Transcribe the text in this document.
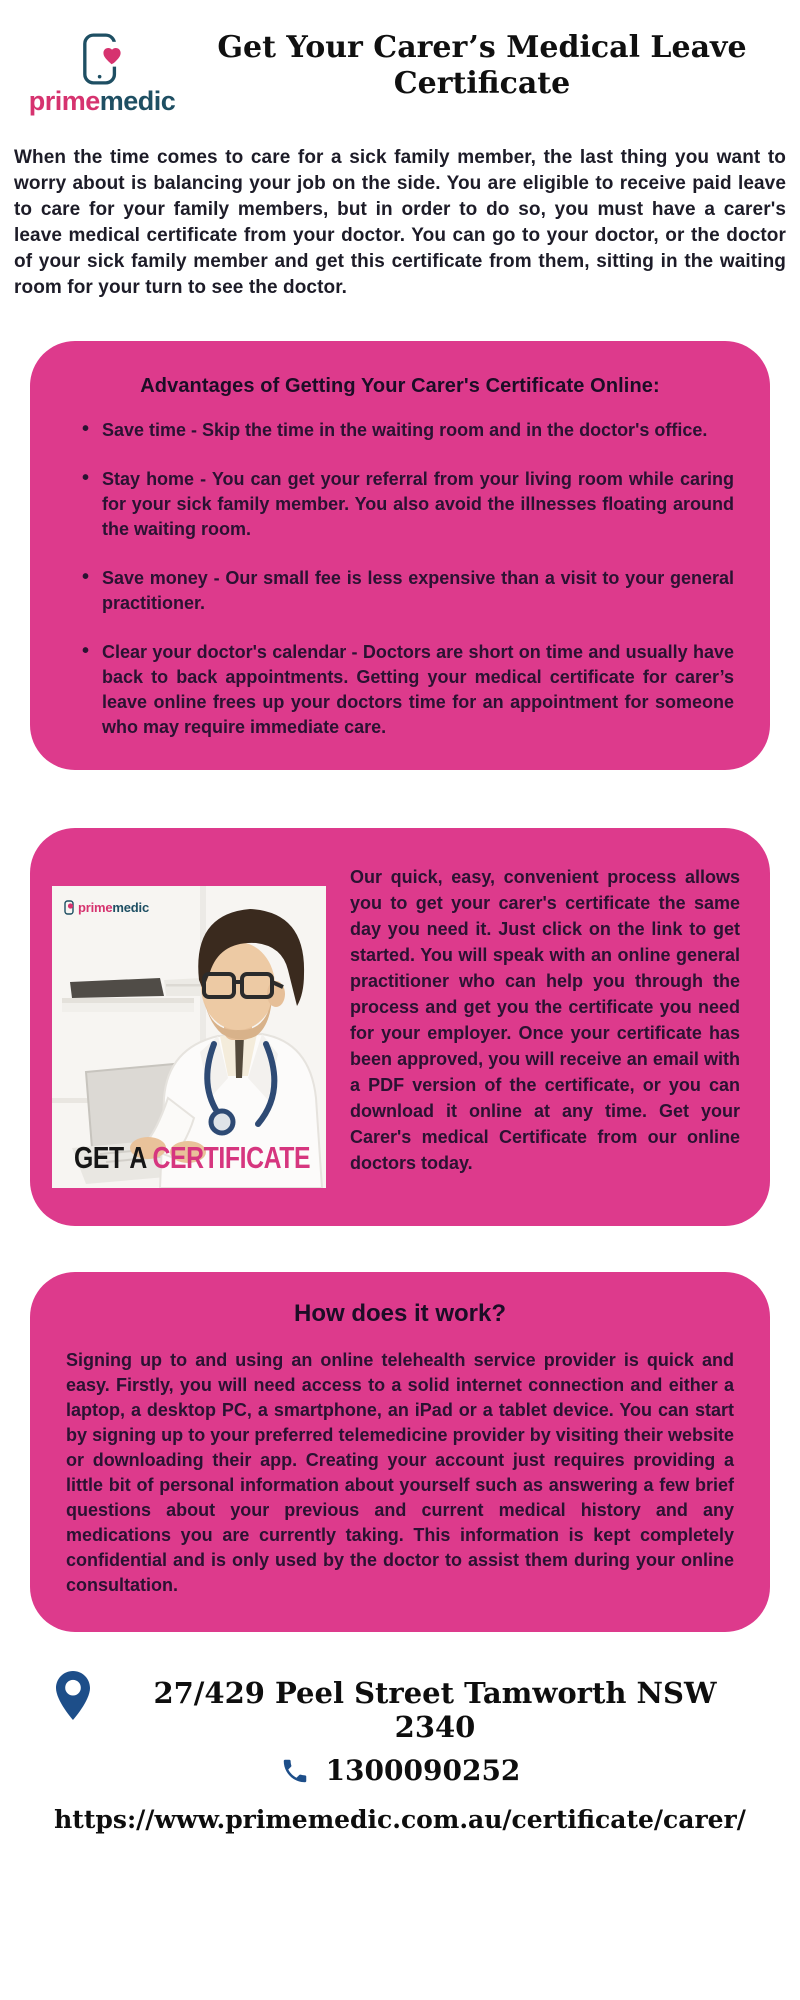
primemedic
Get Your Carer’s Medical Leave
Certificate

When the time comes to care for a sick family member, the last thing you want to worry about is balancing your job on the side. You are eligible to receive paid leave to care for your family members, but in order to do so, you must have a carer's leave medical certificate from your doctor. You can go to your doctor, or the doctor of your sick family member and get this certificate from them, sitting in the waiting room for your turn to see the doctor.

Advantages of Getting Your Carer's Certificate Online:
• Save time - Skip the time in the waiting room and in the doctor's office.
• Stay home - You can get your referral from your living room while caring for your sick family member. You also avoid the illnesses floating around the waiting room.
• Save money - Our small fee is less expensive than a visit to your general practitioner.
• Clear your doctor's calendar - Doctors are short on time and usually have back to back appointments. Getting your medical certificate for carer’s leave online frees up your doctors time for an appointment for someone who may require immediate care.
primemedic
GET A CERTIFICATE

Our quick, easy, convenient process allows you to get your carer's certificate the same day you need it. Just click on the link to get started. You will speak with an online general practitioner who can help you through the process and get you the certificate you need for your employer. Once your certificate has been approved, you will receive an email with a PDF version of the certificate, or you can download it online at any time. Get your Carer's medical Certificate from our online doctors today.

How does it work?

Signing up to and using an online telehealth service provider is quick and easy. Firstly, you will need access to a solid internet connection and either a laptop, a desktop PC, a smartphone, an iPad or a tablet device. You can start by signing up to your preferred telemedicine provider by visiting their website or downloading their app. Creating your account just requires providing a little bit of personal information about yourself such as answering a few brief questions about your previous and current medical history and any medications you are currently taking. This information is kept completely confidential and is only used by the doctor to assist them during your online consultation.

27/429 Peel Street Tamworth NSW 2340
1300090252
https://www.primemedic.com.au/certificate/carer/
